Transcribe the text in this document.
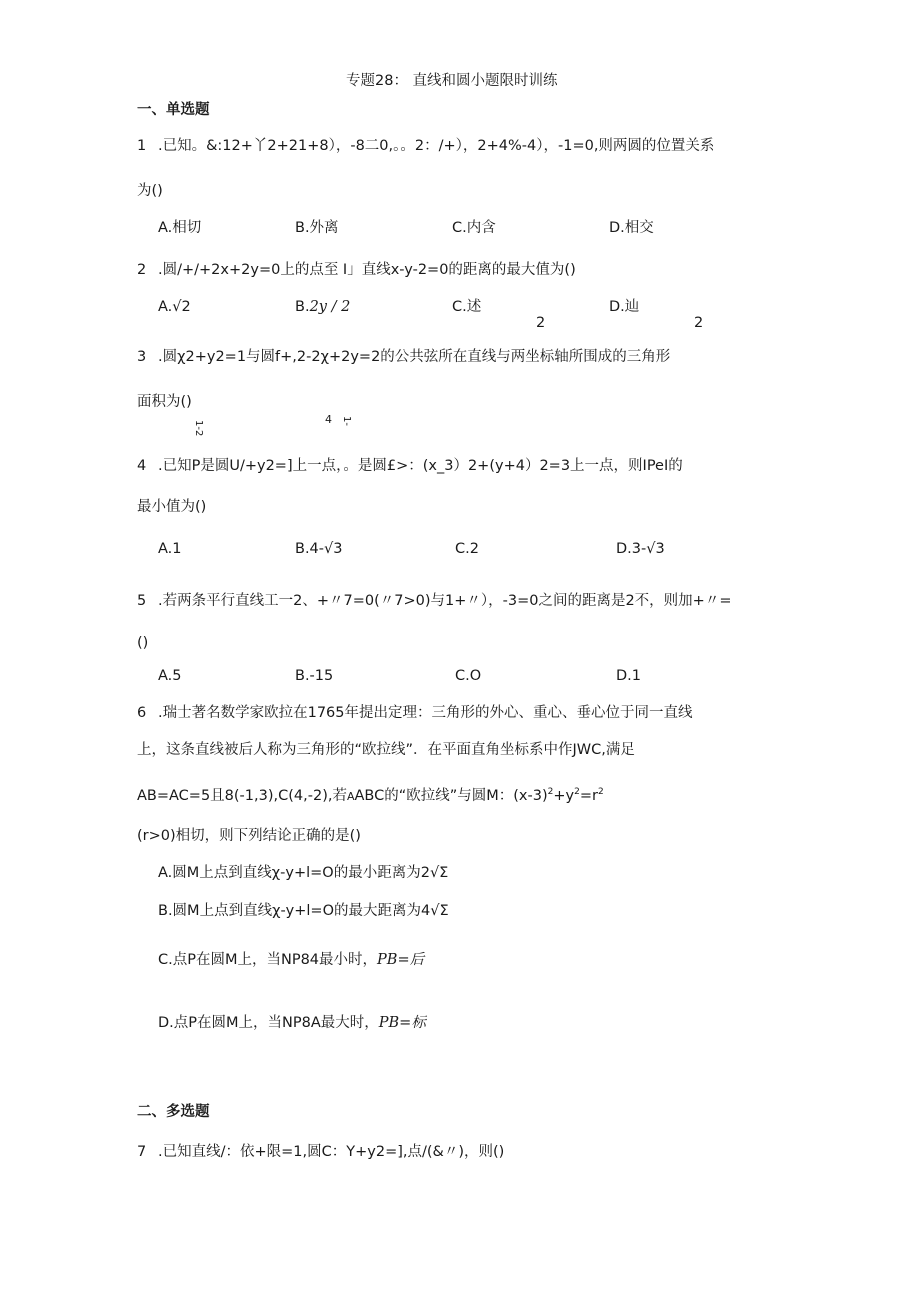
专题28： 直线和圆小题限时训练
一、单选题
1 .已知。&:12+丫2+21+8），-8二0,。。2：/+），2+4%-4），-1=0,则两圆的位置关系
为()
A.相切	B.外离	C.内含	D.相交
2 .圆/+/+2x+2y=0上的点至 I」直线x-y-2=0的距离的最大值为()
A.√2	B.2y / 2	C.述	D.辿
2	2
3 .圆χ2+y2=1与圆f+,2-2χ+2y=2的公共弦所在直线与两坐标轴所围成的三角形
面积为()
1-2	1-
4
4 .已知P是圆U/+y2=]上一点，。是圆£>：(x_3）2+(y+4）2=3上一点，则IPeI的
最小值为()
A.1	B.4-√3	C.2	D.3-√3
5 .若两条平行直线工一2、+〃7=0(〃7>0)与1+〃），-3=0之间的距离是2不，则加+〃=
()
A.5	B.-15	C.O	D.1
6 .瑞士著名数学家欧拉在1765年提出定理：三角形的外心、重心、垂心位于同一直线
上，这条直线被后人称为三角形的“欧拉线”．在平面直角坐标系中作JWC,满足
AB=AC=5且8(-1,3),C(4,-2),若AABC的“欧拉线”与圆M：$(x-3)^2+y^2=r^2$
(r>0)相切，则下列结论正确的是()
A.圆M上点到直线χ-y+l=O的最小距离为2√Σ
B.圆M上点到直线χ-y+l=O的最大距离为4√Σ
C.点P在圆M上，当NP84最小时，PB=后
D.点P在圆M上，当NP8A最大时，PB=标
二、多选题
7 .已知直线/：依+限=1,圆C：Y+y2=],点/(&〃)，则()
